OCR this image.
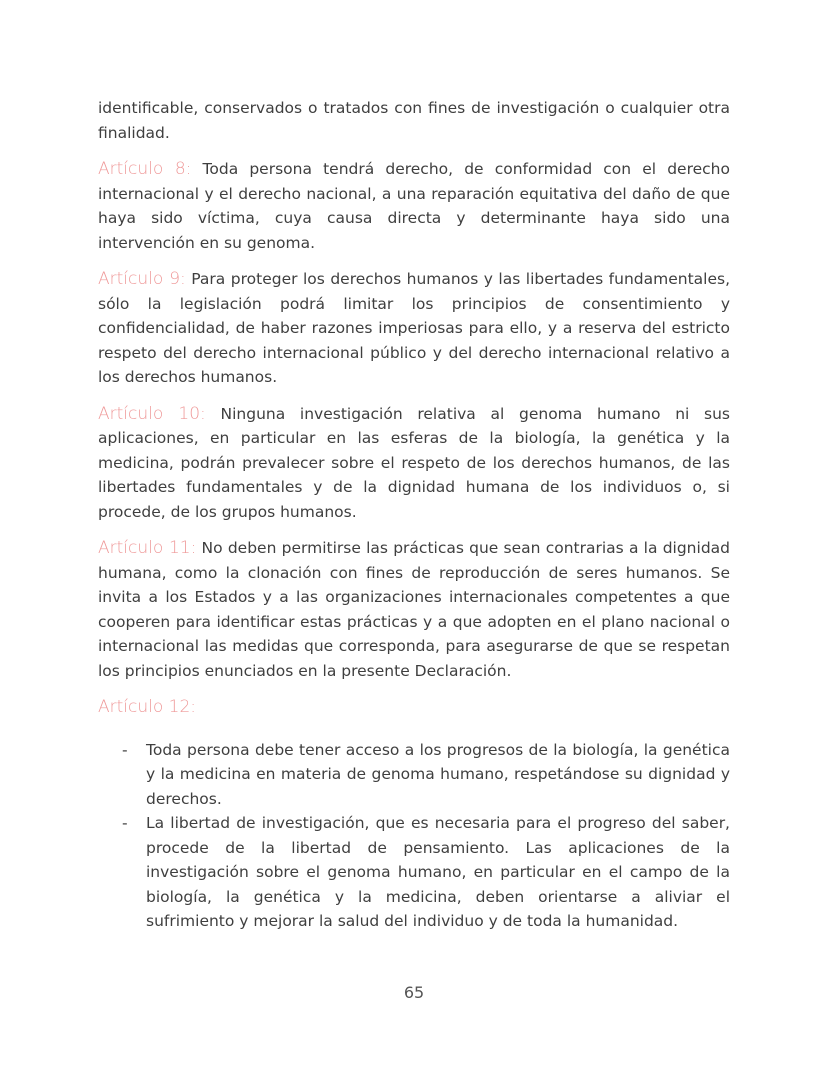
identificable, conservados o tratados con fines de investigación o cualquier otra finalidad.

Artículo 8: Toda persona tendrá derecho, de conformidad con el derecho internacional y el derecho nacional, a una reparación equitativa del daño de que haya sido víctima, cuya causa directa y determinante haya sido una intervención en su genoma.

Artículo 9: Para proteger los derechos humanos y las libertades fundamentales, sólo la legislación podrá limitar los principios de consentimiento y confidencialidad, de haber razones imperiosas para ello, y a reserva del estricto respeto del derecho internacional público y del derecho internacional relativo a los derechos humanos.

Artículo 10: Ninguna investigación relativa al genoma humano ni sus aplicaciones, en particular en las esferas de la biología, la genética y la medicina, podrán prevalecer sobre el respeto de los derechos humanos, de las libertades fundamentales y de la dignidad humana de los individuos o, si procede, de los grupos humanos.

Artículo 11: No deben permitirse las prácticas que sean contrarias a la dignidad humana, como la clonación con fines de reproducción de seres humanos. Se invita a los Estados y a las organizaciones internacionales competentes a que cooperen para identificar estas prácticas y a que adopten en el plano nacional o internacional las medidas que corresponda, para asegurarse de que se respetan los principios enunciados en la presente Declaración.

Artículo 12:

- Toda persona debe tener acceso a los progresos de la biología, la genética y la medicina en materia de genoma humano, respetándose su dignidad y derechos.
- La libertad de investigación, que es necesaria para el progreso del saber, procede de la libertad de pensamiento. Las aplicaciones de la investigación sobre el genoma humano, en particular en el campo de la biología, la genética y la medicina, deben orientarse a aliviar el sufrimiento y mejorar la salud del individuo y de toda la humanidad.
65
